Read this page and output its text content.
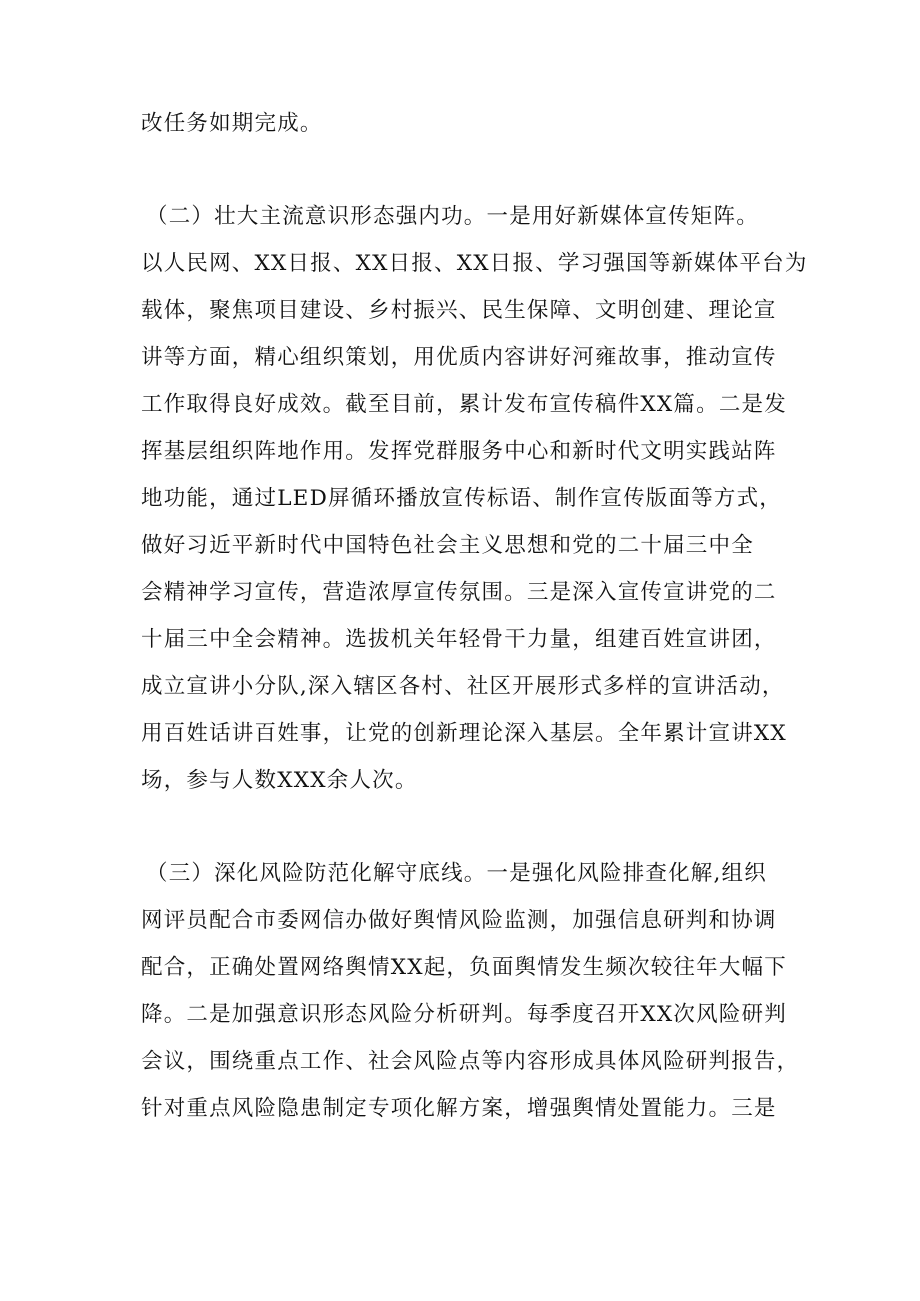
改任务如期完成。
（二）壮大主流意识形态强内功。一是用好新媒体宣传矩阵。
以人民网、XX日报、XX日报、XX日报、学习强国等新媒体平台为
载体，聚焦项目建设、乡村振兴、民生保障、文明创建、理论宣
讲等方面，精心组织策划，用优质内容讲好河雍故事，推动宣传
工作取得良好成效。截至目前，累计发布宣传稿件XX篇。二是发
挥基层组织阵地作用。发挥党群服务中心和新时代文明实践站阵
地功能，通过LED屏循环播放宣传标语、制作宣传版面等方式，
做好习近平新时代中国特色社会主义思想和党的二十届三中全
会精神学习宣传，营造浓厚宣传氛围。三是深入宣传宣讲党的二
十届三中全会精神。选拔机关年轻骨干力量，组建百姓宣讲团，
成立宣讲小分队,深入辖区各村、社区开展形式多样的宣讲活动，
用百姓话讲百姓事，让党的创新理论深入基层。全年累计宣讲XX
场，参与人数XXX余人次。
（三）深化风险防范化解守底线。一是强化风险排查化解,组织
网评员配合市委网信办做好舆情风险监测，加强信息研判和协调
配合，正确处置网络舆情XX起，负面舆情发生频次较往年大幅下
降。二是加强意识形态风险分析研判。每季度召开XX次风险研判
会议，围绕重点工作、社会风险点等内容形成具体风险研判报告，
针对重点风险隐患制定专项化解方案，增强舆情处置能力。三是
